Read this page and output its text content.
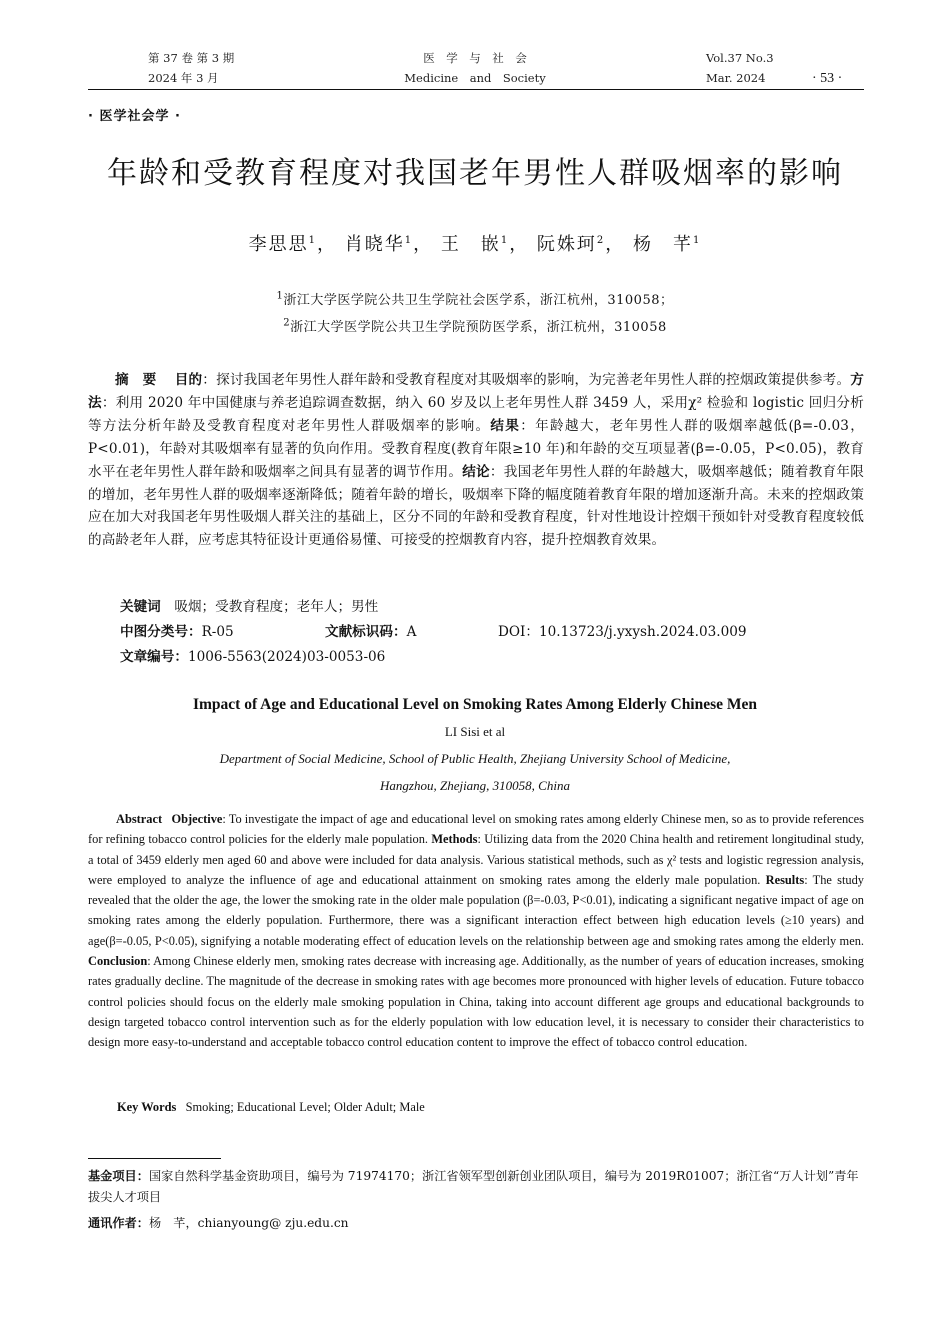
第 37 卷 第 3 期
2024 年 3 月
医　学　与　社　会
Medicine　and　Society
Vol.37 No.3
Mar. 2024	· 53 ·
· 医学社会学 ·
年龄和受教育程度对我国老年男性人群吸烟率的影响
李思思$^1$， 肖晓华$^1$， 王　嵌$^1$， 阮姝珂$^2$， 杨　芊$^1$
$^1$浙江大学医学院公共卫生学院社会医学系，浙江杭州，310058；
$^2$浙江大学医学院公共卫生学院预防医学系，浙江杭州，310058
摘　要　 目的：探讨我国老年男性人群年龄和受教育程度对其吸烟率的影响，为完善老年男性人群的控烟政策提供参考。方法：利用 2020 年中国健康与养老追踪调查数据，纳入 60 岁及以上老年男性人群 3459 人，采用χ² 检验和 logistic 回归分析等方法分析年龄及受教育程度对老年男性人群吸烟率的影响。结果：年龄越大，老年男性人群的吸烟率越低(β=-0.03，P<0.01)，年龄对其吸烟率有显著的负向作用。受教育程度(教育年限≥10 年)和年龄的交互项显著(β=-0.05，P<0.05)，教育水平在老年男性人群年龄和吸烟率之间具有显著的调节作用。结论：我国老年男性人群的年龄越大，吸烟率越低；随着教育年限的增加，老年男性人群的吸烟率逐渐降低；随着年龄的增长，吸烟率下降的幅度随着教育年限的增加逐渐升高。未来的控烟政策应在加大对我国老年男性吸烟人群关注的基础上，区分不同的年龄和受教育程度，针对性地设计控烟干预如针对受教育程度较低的高龄老年人群，应考虑其特征设计更通俗易懂、可接受的控烟教育内容，提升控烟教育效果。
关键词　 吸烟；受教育程度；老年人；男性
中图分类号：R-05	文献标识码：A	DOI：10.13723/j.yxysh.2024.03.009
文章编号：1006-5563(2024)03-0053-06
Impact of Age and Educational Level on Smoking Rates Among Elderly Chinese Men
LI Sisi et al
Department of Social Medicine, School of Public Health, Zhejiang University School of Medicine,
Hangzhou, Zhejiang, 310058, China
Abstract Objective: To investigate the impact of age and educational level on smoking rates among elderly Chinese men, so as to provide references for refining tobacco control policies for the elderly male population. Methods: Utilizing data from the 2020 China health and retirement longitudinal study, a total of 3459 elderly men aged 60 and above were included for data analysis. Various statistical methods, such as χ² tests and logistic regression analysis, were employed to analyze the influence of age and educational attainment on smoking rates among the elderly male population. Results: The study revealed that the older the age, the lower the smoking rate in the older male population (β=-0.03, P<0.01), indicating a significant negative impact of age on smoking rates among the elderly population. Furthermore, there was a significant interaction effect between high education levels (≥10 years) and age(β=-0.05, P<0.05), signifying a notable moderating effect of education levels on the relationship between age and smoking rates among the elderly men. Conclusion: Among Chinese elderly men, smoking rates decrease with increasing age. Additionally, as the number of years of education increases, smoking rates gradually decline. The magnitude of the decrease in smoking rates with age becomes more pronounced with higher levels of education. Future tobacco control policies should focus on the elderly male smoking population in China, taking into account different age groups and educational backgrounds to design targeted tobacco control intervention such as for the elderly population with low education level, it is necessary to consider their characteristics to design more easy-to-understand and acceptable tobacco control education content to improve the effect of tobacco control education.
Key Words Smoking; Educational Level; Older Adult; Male
基金项目：国家自然科学基金资助项目，编号为 71974170；浙江省领军型创新创业团队项目，编号为 2019R01007；浙江省“万人计划”青年拔尖人才项目
通讯作者：杨　芊，chianyoung@ zju.edu.cn
